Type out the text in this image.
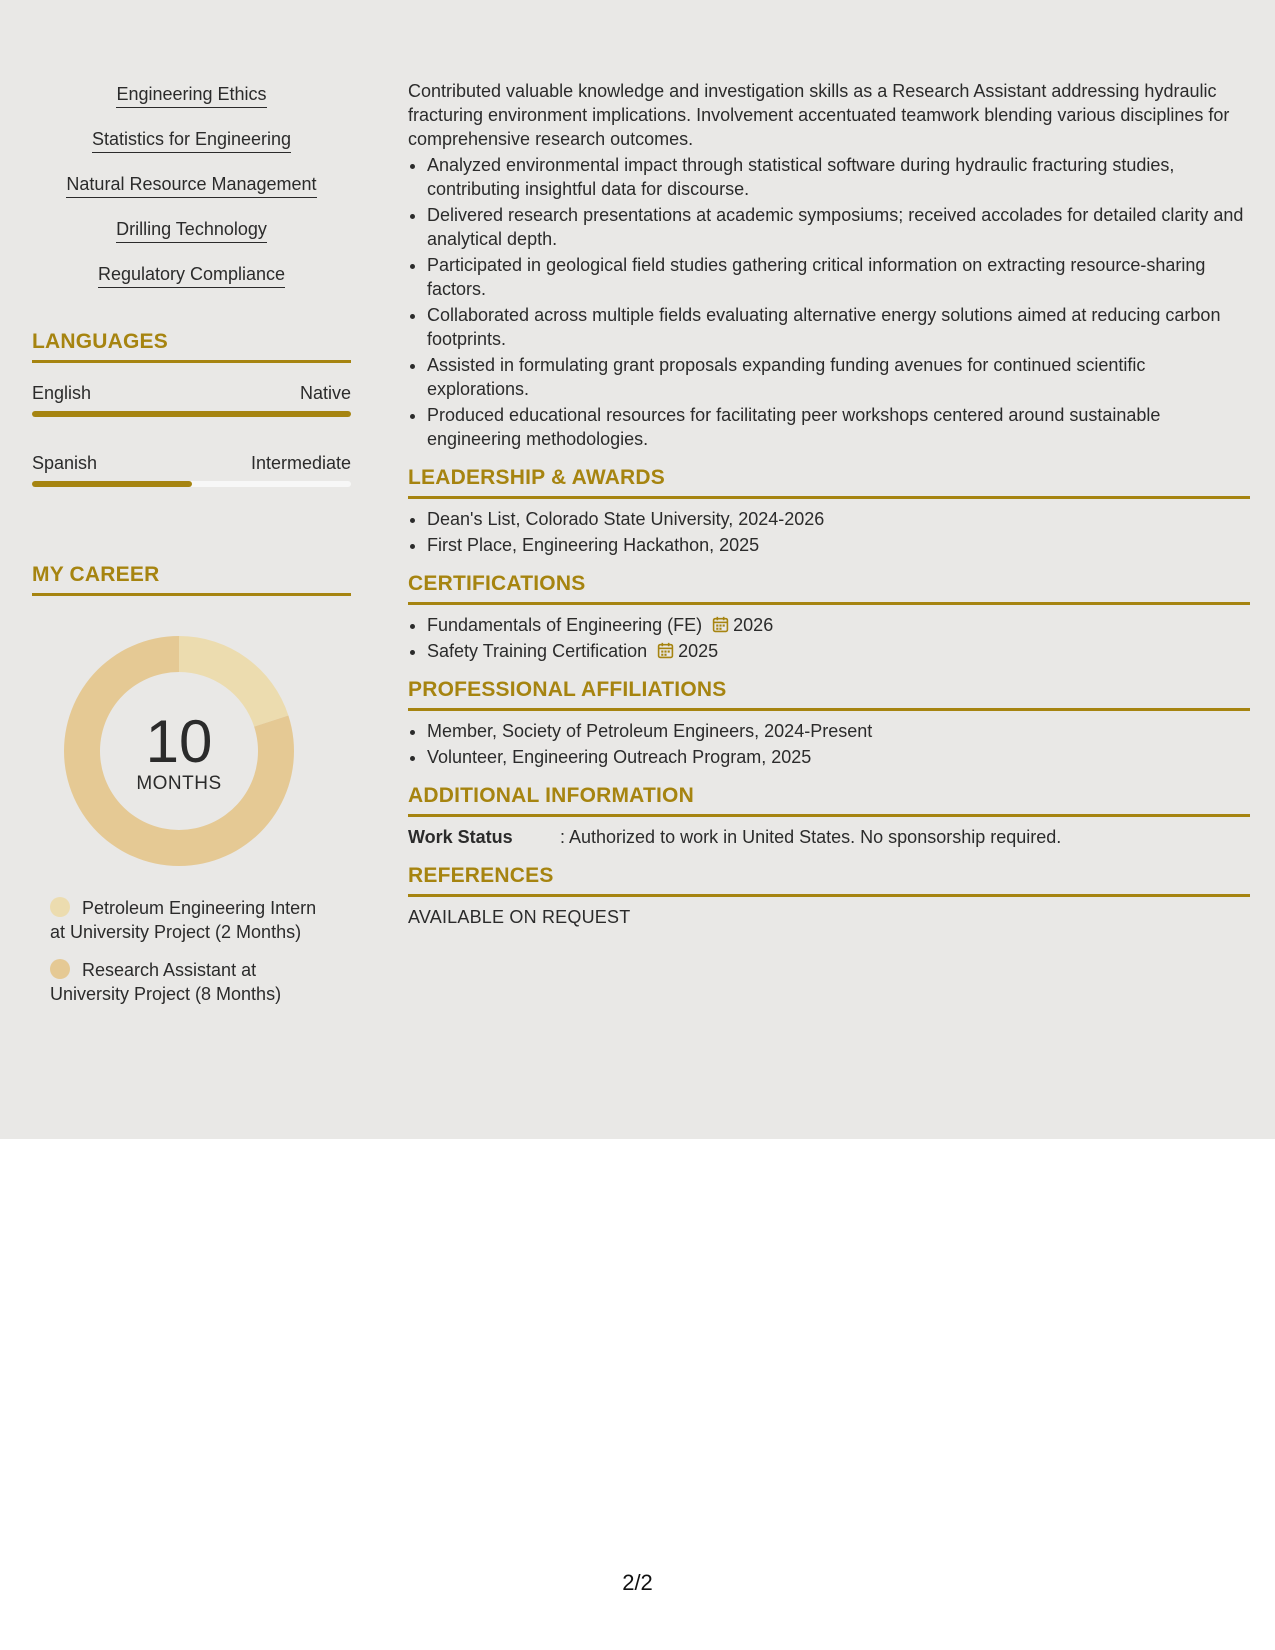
Engineering Ethics
Statistics for Engineering
Natural Resource Management
Drilling Technology
Regulatory Compliance
LANGUAGES
English	Native
Spanish	Intermediate
MY CAREER
10
MONTHS
Petroleum Engineering Intern at University Project (2 Months)
Research Assistant at University Project (8 Months)

Contributed valuable knowledge and investigation skills as a Research Assistant addressing hydraulic fracturing environment implications. Involvement accentuated teamwork blending various disciplines for comprehensive research outcomes.

• Analyzed environmental impact through statistical software during hydraulic fracturing studies, contributing insightful data for discourse.
• Delivered research presentations at academic symposiums; received accolades for detailed clarity and analytical depth.
• Participated in geological field studies gathering critical information on extracting resource-sharing factors.
• Collaborated across multiple fields evaluating alternative energy solutions aimed at reducing carbon footprints.
• Assisted in formulating grant proposals expanding funding avenues for continued scientific explorations.
• Produced educational resources for facilitating peer workshops centered around sustainable engineering methodologies.
LEADERSHIP & AWARDS
• Dean's List, Colorado State University, 2024-2026
• First Place, Engineering Hackathon, 2025
CERTIFICATIONS
• Fundamentals of Engineering (FE) 2026
• Safety Training Certification 2025
PROFESSIONAL AFFILIATIONS
• Member, Society of Petroleum Engineers, 2024-Present
• Volunteer, Engineering Outreach Program, 2025
ADDITIONAL INFORMATION
Work Status	: Authorized to work in United States. No sponsorship required.
REFERENCES
AVAILABLE ON REQUEST
2/2
